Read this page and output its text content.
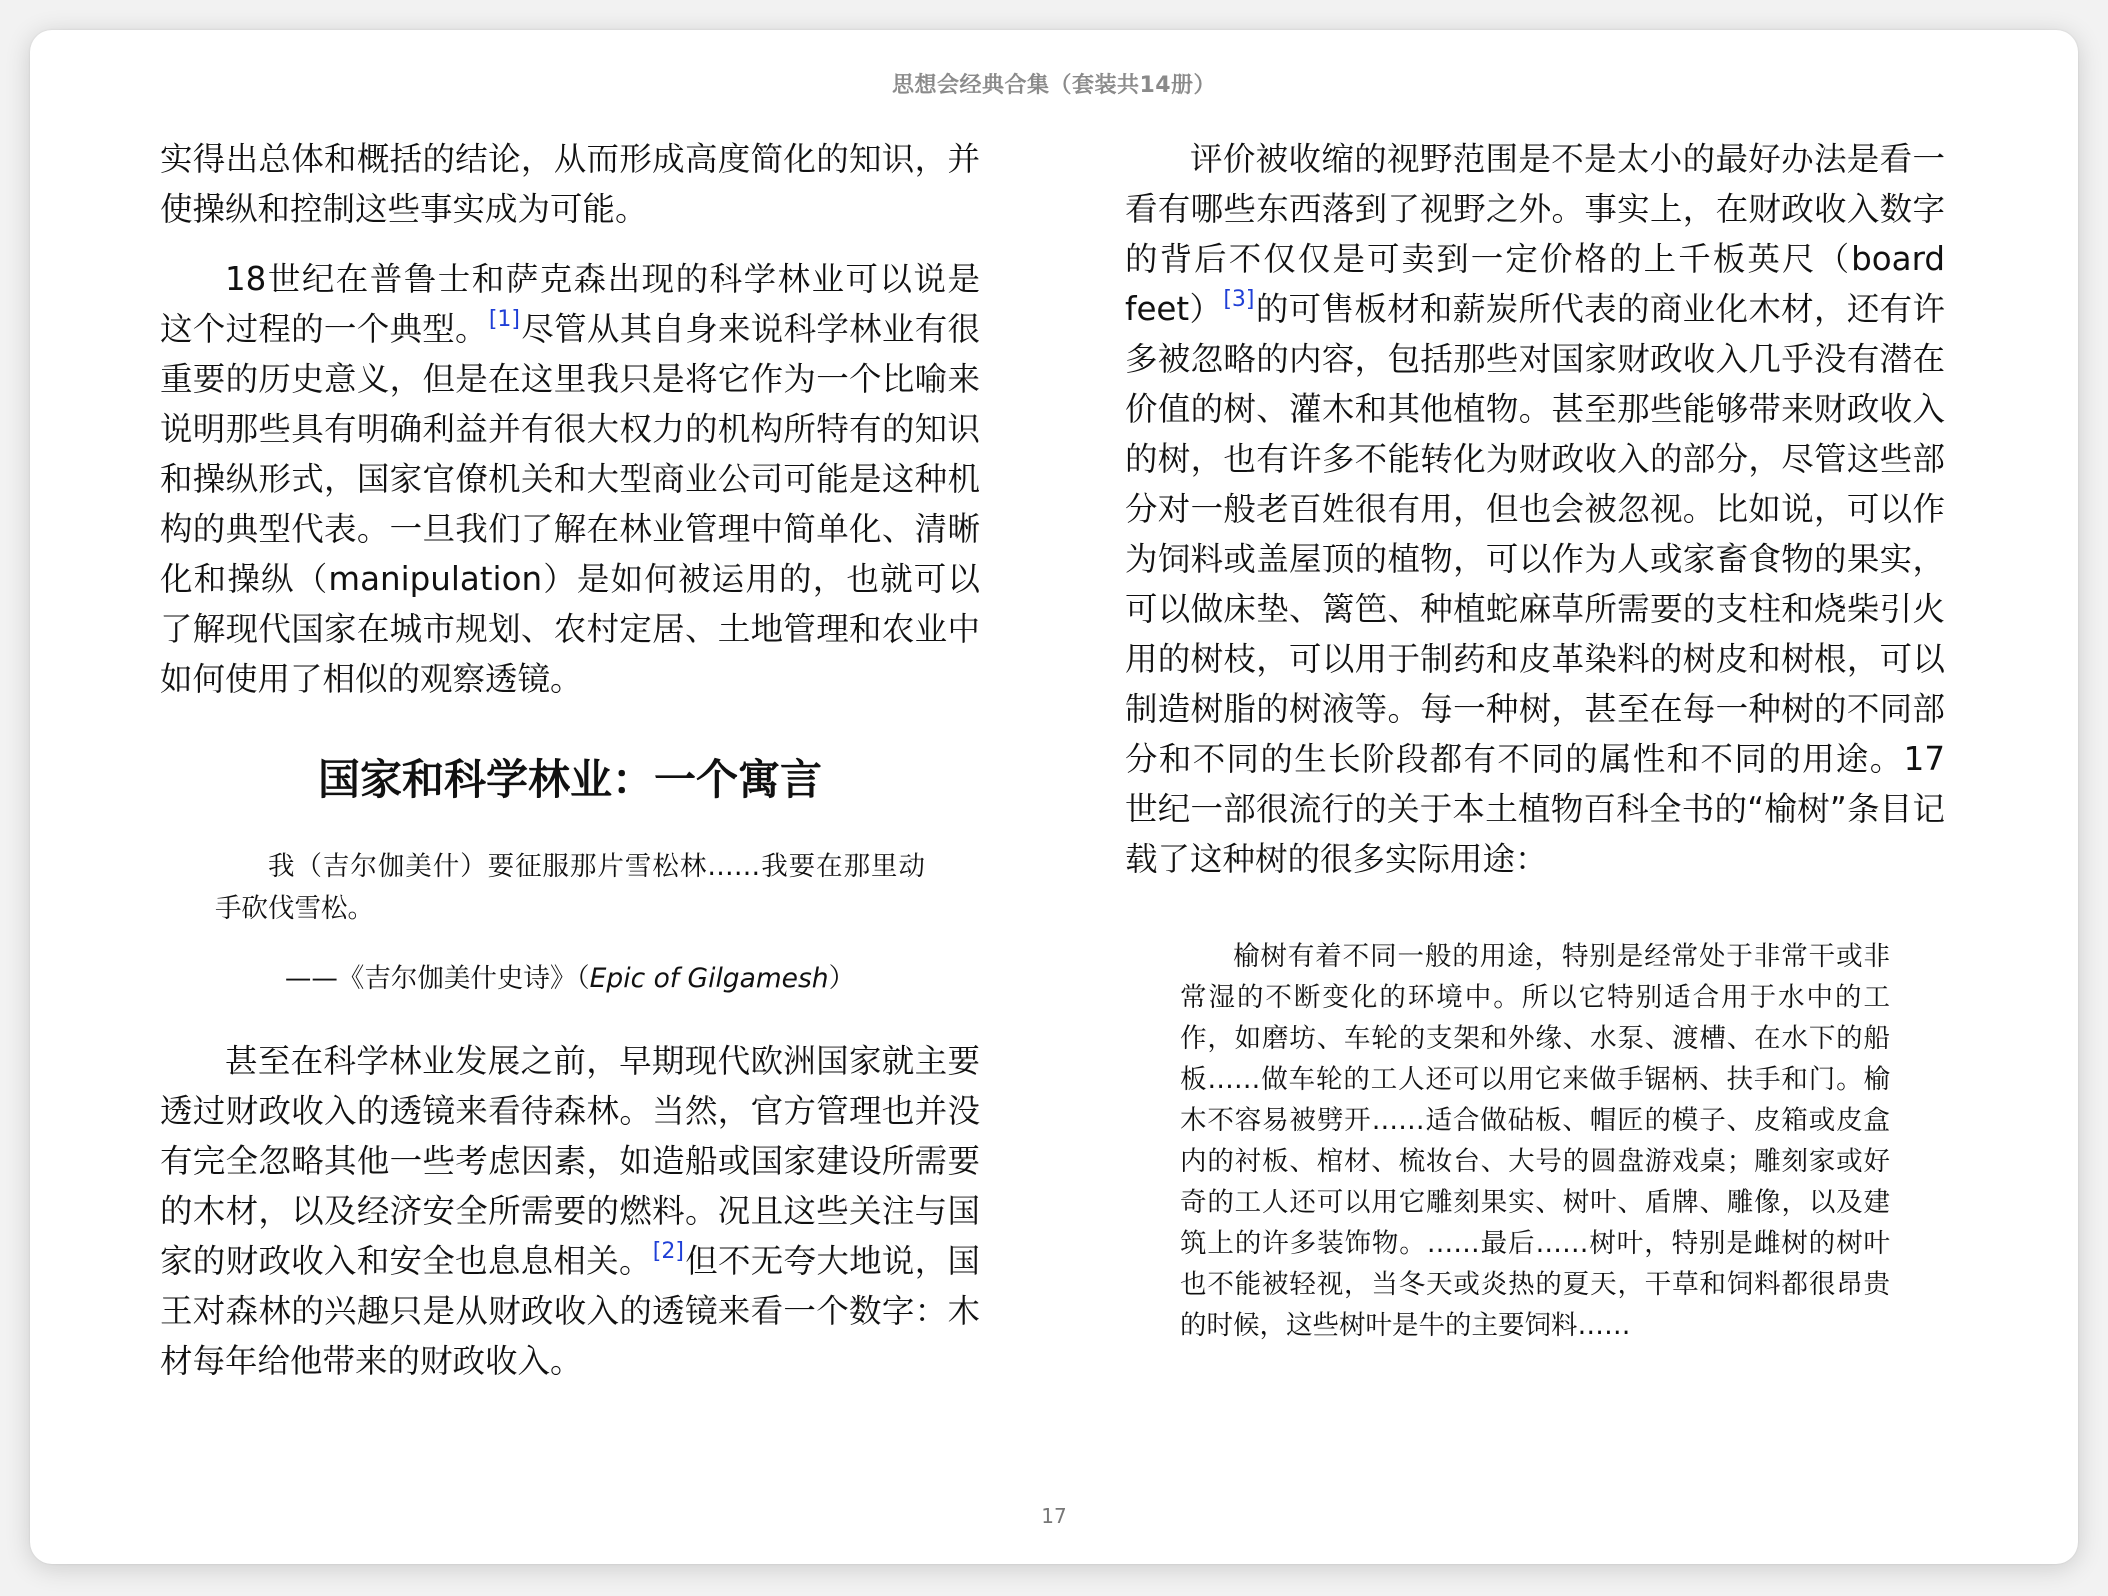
思想会经典合集（套装共14册）

实得出总体和概括的结论，从而形成高度简化的知识，并使操纵和控制这些事实成为可能。

18世纪在普鲁士和萨克森出现的科学林业可以说是这个过程的一个典型。[1]尽管从其自身来说科学林业有很重要的历史意义，但是在这里我只是将它作为一个比喻来说明那些具有明确利益并有很大权力的机构所特有的知识和操纵形式，国家官僚机关和大型商业公司可能是这种机构的典型代表。一旦我们了解在林业管理中简单化、清晰化和操纵（manipulation）是如何被运用的，也就可以了解现代国家在城市规划、农村定居、土地管理和农业中如何使用了相似的观察透镜。

国家和科学林业：一个寓言

我（吉尔伽美什）要征服那片雪松林……我要在那里动手砍伐雪松。

——《吉尔伽美什史诗》（Epic of Gilgamesh）

甚至在科学林业发展之前，早期现代欧洲国家就主要透过财政收入的透镜来看待森林。当然，官方管理也并没有完全忽略其他一些考虑因素，如造船或国家建设所需要的木材，以及经济安全所需要的燃料。况且这些关注与国家的财政收入和安全也息息相关。[2]但不无夸大地说，国王对森林的兴趣只是从财政收入的透镜来看一个数字：木材每年给他带来的财政收入。

评价被收缩的视野范围是不是太小的最好办法是看一看有哪些东西落到了视野之外。事实上，在财政收入数字的背后不仅仅是可卖到一定价格的上千板英尺（board feet）[3]的可售板材和薪炭所代表的商业化木材，还有许多被忽略的内容，包括那些对国家财政收入几乎没有潜在价值的树、灌木和其他植物。甚至那些能够带来财政收入的树，也有许多不能转化为财政收入的部分，尽管这些部分对一般老百姓很有用，但也会被忽视。比如说，可以作为饲料或盖屋顶的植物，可以作为人或家畜食物的果实，可以做床垫、篱笆、种植蛇麻草所需要的支柱和烧柴引火用的树枝，可以用于制药和皮革染料的树皮和树根，可以制造树脂的树液等。每一种树，甚至在每一种树的不同部分和不同的生长阶段都有不同的属性和不同的用途。17世纪一部很流行的关于本土植物百科全书的“榆树”条目记载了这种树的很多实际用途：

榆树有着不同一般的用途，特别是经常处于非常干或非常湿的不断变化的环境中。所以它特别适合用于水中的工作，如磨坊、车轮的支架和外缘、水泵、渡槽、在水下的船板……做车轮的工人还可以用它来做手锯柄、扶手和门。榆木不容易被劈开……适合做砧板、帽匠的模子、皮箱或皮盒内的衬板、棺材、梳妆台、大号的圆盘游戏桌；雕刻家或好奇的工人还可以用它雕刻果实、树叶、盾牌、雕像，以及建筑上的许多装饰物。……最后……树叶，特别是雌树的树叶也不能被轻视，当冬天或炎热的夏天，干草和饲料都很昂贵的时候，这些树叶是牛的主要饲料……

17
